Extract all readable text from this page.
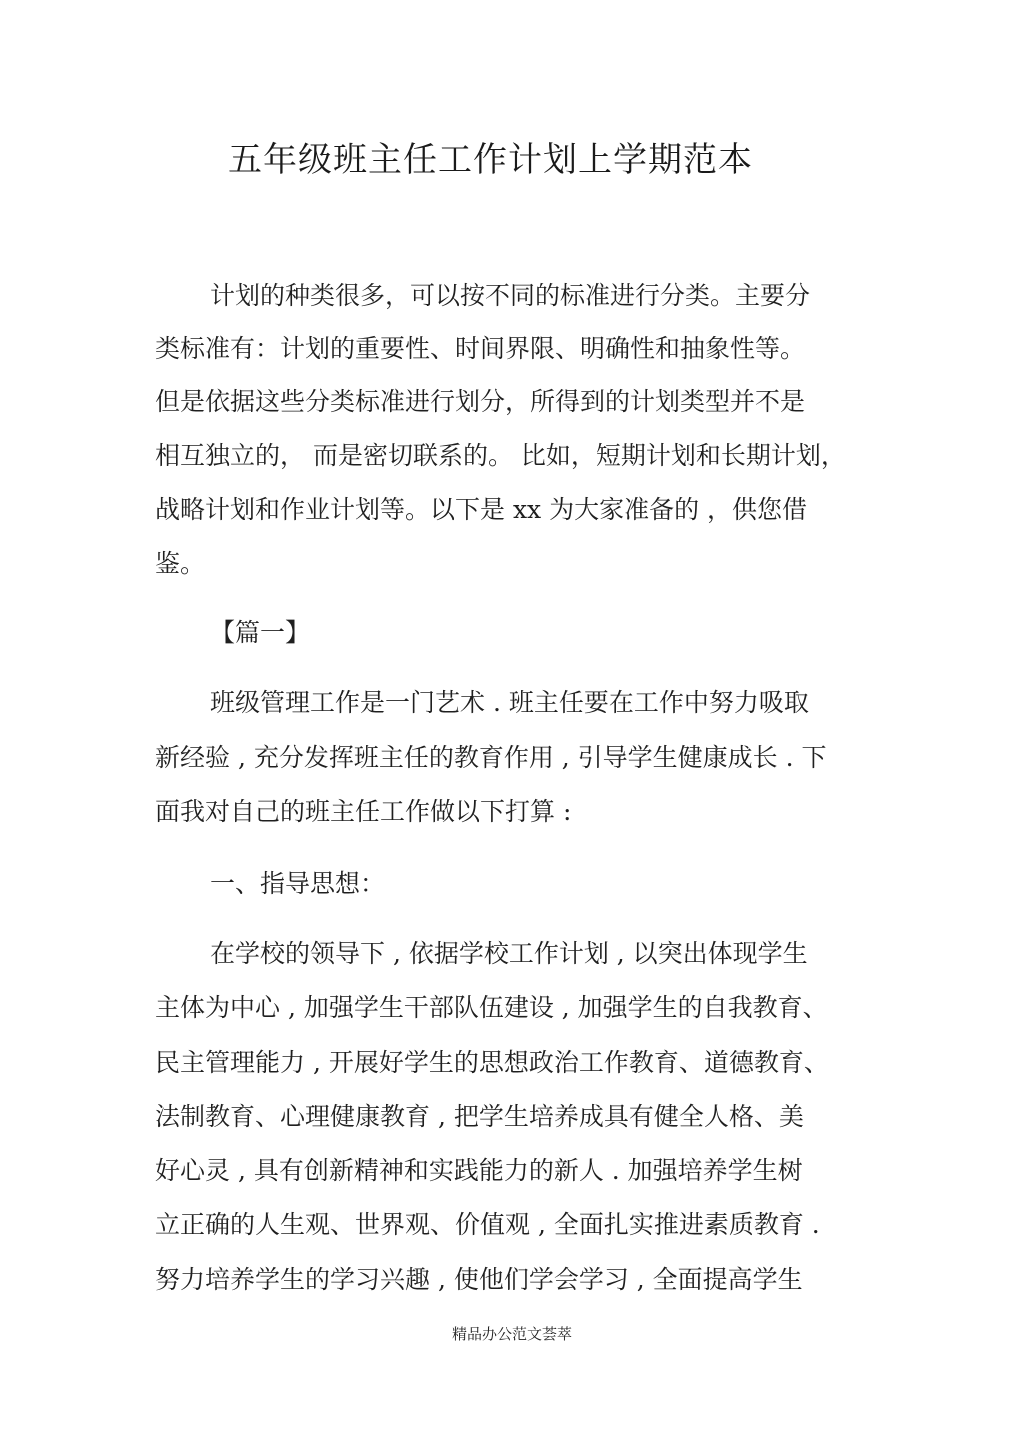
五年级班主任工作计划上学期范本
计划的种类很多，可以按不同的标准进行分类。主要分
类标准有：计划的重要性、时间界限、明确性和抽象性等。
但是依据这些分类标准进行划分，所得到的计划类型并不是
相互独立的， 而是密切联系的。 比如，短期计划和长期计划，
战略计划和作业计划等。以下是 xx 为大家准备的 ，供您借
鉴。
【篇一】
班级管理工作是一门艺术 . 班主任要在工作中努力吸取
新经验 , 充分发挥班主任的教育作用 , 引导学生健康成长 . 下
面我对自己的班主任工作做以下打算 :
一、指导思想：
在学校的领导下 , 依据学校工作计划 , 以突出体现学生
主体为中心 , 加强学生干部队伍建设 , 加强学生的自我教育、
民主管理能力 , 开展好学生的思想政治工作教育、道德教育、
法制教育、心理健康教育 , 把学生培养成具有健全人格、美
好心灵 , 具有创新精神和实践能力的新人 . 加强培养学生树
立正确的人生观、世界观、价值观 , 全面扎实推进素质教育 .
努力培养学生的学习兴趣 , 使他们学会学习 , 全面提高学生
精品办公范文荟萃
